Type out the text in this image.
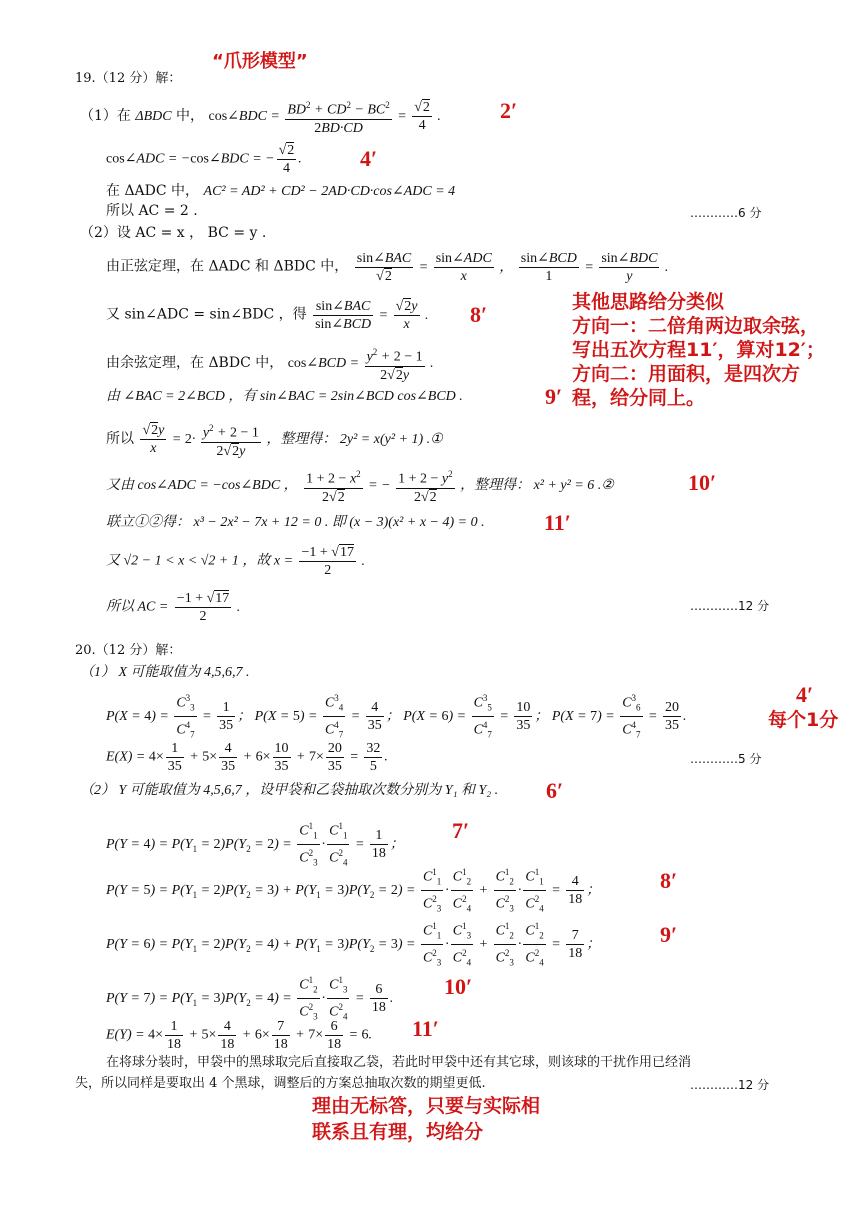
“爪形模型”
19.（12 分）解：
（1）在 ΔBDC 中， cos∠BDC = $\frac{BD^2 + CD^2 - BC^2}{2BD\cdot CD} = \frac{√2}{4}$ .	2′
cos∠ADC = −cos∠BDC = − $\frac{√2}{4}$ .	4′
在 ΔADC 中， AC² = AD² + CD² − 2AD·CD·cos∠ADC = 4
所以 AC = 2 .	…………6 分
（2）设 AC = x ， BC = y .
由正弦定理，在 ΔADC 和 ΔBDC 中， $\frac{\text{sin∠BAC}}{√2} = \frac{\text{sin∠ADC}}{x}$ ， $\frac{\text{sin∠BCD}}{1} = \frac{\text{sin∠BDC}}{y}$ .
又 sin∠ADC = sin∠BDC ，得 $\frac{\text{sin∠BAC}}{\text{sin∠BCD}} = \frac{√2y}{x}$ . 8′
由余弦定理，在 ΔBDC 中， cos∠BCD = $\frac{y^2 + 2 - 1}{2√2y}$ .
由 ∠BAC = 2∠BCD ，有 sin∠BAC = 2sin∠BCD cos∠BCD .	9′
所以 $\frac{√2y}{x} = 2\cdot \frac{y^2 + 2 - 1}{2√2y}$ ，整理得： 2y² = x(y² + 1) .①
又由 cos∠ADC = −cos∠BDC ， $\frac{1 + 2 - x^2}{2√2}$ = − $\frac{1 + 2 - y^2}{2√2}$ ，整理得： x² + y² = 6 .②	10′
联立①②得： x³ − 2x² − 7x + 12 = 0 . 即 (x − 3)(x² + x − 4) = 0 .	11′
又 √2 − 1 < x < √2 + 1 ，故 $x = \frac{-1 + √17}{2}$ .
所以 AC = $\frac{-1 + √17}{2}$ .	…………12 分
其他思路给分类似
方向一：二倍角两边取余弦，
写出五次方程11′，算对12′；
方向二：用面积，是四次方
程，给分同上。
20.（12 分）解：
（1） X 可能取值为 4,5,6,7 .
$P(X = 4) = \frac{C^3_3}{C^4_7} = \frac{1}{35}$ ； $P(X = 5) = \frac{C^3_4}{C^4_7} = \frac{4}{35}$ ； $P(X = 6) = \frac{C^3_5}{C^4_7} = \frac{10}{35}$ ； $P(X = 7) = \frac{C^3_6}{C^4_7} = \frac{20}{35}$ .
4′
每个1分
$E(X) = 4\times \frac{1}{35} + 5\times \frac{4}{35} + 6\times \frac{10}{35} + 7\times \frac{20}{35} = \frac{32}{5}$ .	…………5 分
（2） Y 可能取值为 4,5,6,7 ，设甲袋和乙袋抽取次数分别为 Y₁ 和 Y₂ . 6′
$P(Y = 4) = P(Y_1 = 2)P(Y_2 = 2) = \frac{C^1_1}{C^2_3} \cdot \frac{C^1_1}{C^2_4} = \frac{1}{18}$ ；
7′
$P(Y = 5) = P(Y_1 = 2)P(Y_2 = 3) + P(Y_1 = 3)P(Y_2 = 2) = \frac{C^1_1}{C^2_3} \cdot \frac{C^1_2}{C^2_4} + \frac{C^1_2}{C^2_3} \cdot \frac{C^1_1}{C^2_4} = \frac{4}{18}$ ；	8′
$P(Y = 6) = P(Y_1 = 2)P(Y_2 = 4) + P(Y_1 = 3)P(Y_2 = 3) = \frac{C^1_1}{C^2_3} \cdot \frac{C^1_3}{C^2_4} + \frac{C^1_2}{C^2_3} \cdot \frac{C^1_2}{C^2_4} = \frac{7}{18}$ ；	9′
$P(Y = 7) = P(Y_1 = 3)P(Y_2 = 4) = \frac{C^1_2}{C^2_3} \cdot \frac{C^1_3}{C^2_4} = \frac{6}{18}$ . 10′
$E(Y) = 4\times \frac{1}{18} + 5\times \frac{4}{18} + 6\times \frac{7}{18} + 7\times \frac{6}{18} = 6$. 11′
在将球分装时，甲袋中的黑球取完后直接取乙袋，若此时甲袋中还有其它球，则该球的干扰作用已经消
失，所以同样是要取出 4 个黑球，调整后的方案总抽取次数的期望更低.	…………12 分
理由无标答，只要与实际相
联系且有理，均给分
